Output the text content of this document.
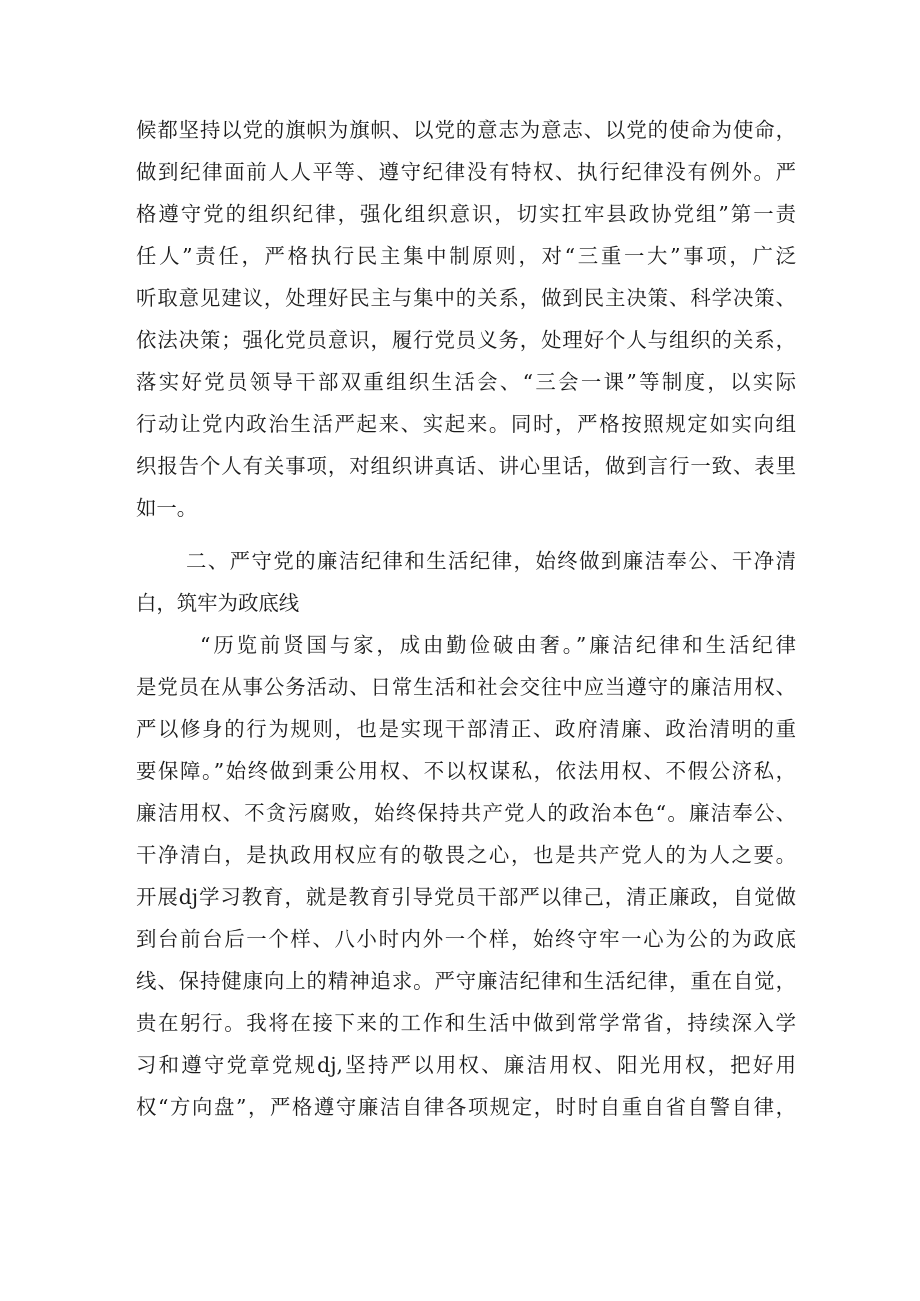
候都坚持以党的旗帜为旗帜、以党的意志为意志、以党的使命为使命，
做到纪律面前人人平等、遵守纪律没有特权、执行纪律没有例外。严
格遵守党的组织纪律，强化组织意识，切实扛牢县政协党组”第一责
任人”责任，严格执行民主集中制原则，对“三重一大”事项，广泛
听取意见建议，处理好民主与集中的关系，做到民主决策、科学决策、
依法决策；强化党员意识，履行党员义务，处理好个人与组织的关系，
落实好党员领导干部双重组织生活会、“三会一课”等制度，以实际
行动让党内政治生活严起来、实起来。同时，严格按照规定如实向组
织报告个人有关事项，对组织讲真话、讲心里话，做到言行一致、表里
如一。
二、严守党的廉洁纪律和生活纪律，始终做到廉洁奉公、干净清
白，筑牢为政底线
“历览前贤国与家，成由勤俭破由奢。”廉洁纪律和生活纪律
是党员在从事公务活动、日常生活和社会交往中应当遵守的廉洁用权、
严以修身的行为规则，也是实现干部清正、政府清廉、政治清明的重
要保障。”始终做到秉公用权、不以权谋私，依法用权、不假公济私，
廉洁用权、不贪污腐败，始终保持共产党人的政治本色“。廉洁奉公、
干净清白，是执政用权应有的敬畏之心，也是共产党人的为人之要。
开展dj学习教育，就是教育引导党员干部严以律己，清正廉政，自觉做
到台前台后一个样、八小时内外一个样，始终守牢一心为公的为政底
线、保持健康向上的精神追求。严守廉洁纪律和生活纪律，重在自觉，
贵在躬行。我将在接下来的工作和生活中做到常学常省，持续深入学
习和遵守党章党规dj,坚持严以用权、廉洁用权、阳光用权，把好用
权“方向盘”，严格遵守廉洁自律各项规定，时时自重自省自警自律，
